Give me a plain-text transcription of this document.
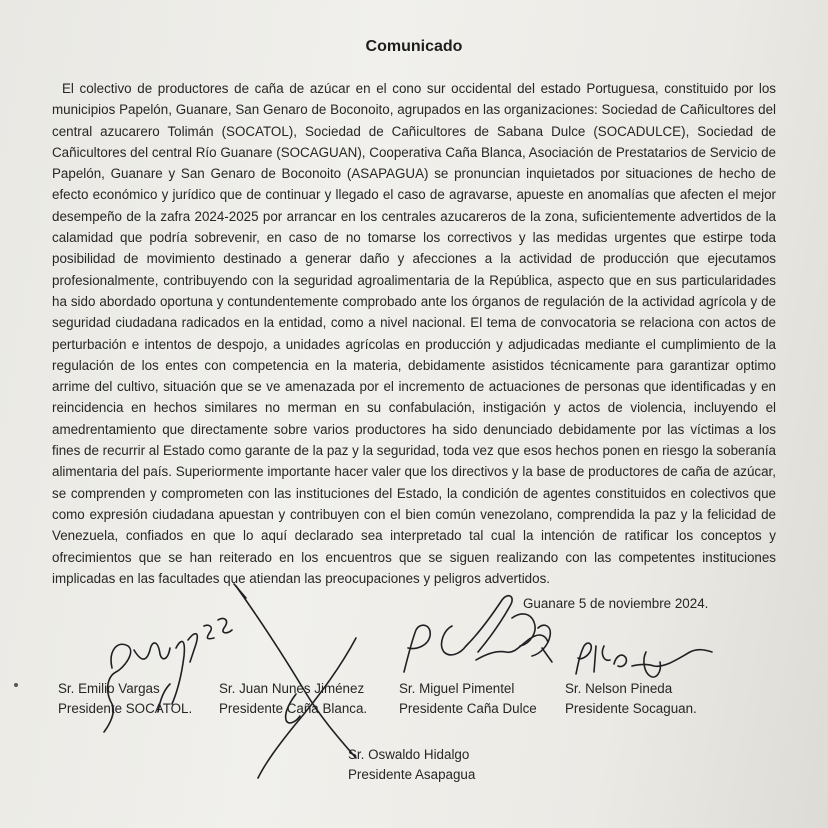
Comunicado

El colectivo de productores de caña de azúcar en el cono sur occidental del estado Portuguesa, constituido por los municipios Papelón, Guanare, San Genaro de Boconoito, agrupados en las organizaciones: Sociedad de Cañicultores del central azucarero Tolimán (SOCATOL), Sociedad de Cañicultores de Sabana Dulce (SOCADULCE), Sociedad de Cañicultores del central Río Guanare (SOCAGUAN), Cooperativa Caña Blanca, Asociación de Prestatarios de Servicio de Papelón, Guanare y San Genaro de Boconoito (ASAPAGUA) se pronuncian inquietados por situaciones de hecho de efecto económico y jurídico que de continuar y llegado el caso de agravarse, apueste en anomalías que afecten el mejor desempeño de la zafra 2024-2025 por arrancar en los centrales azucareros de la zona, suficientemente advertidos de la calamidad que podría sobrevenir, en caso de no tomarse los correctivos y las medidas urgentes que estirpe toda posibilidad de movimiento destinado a generar daño y afecciones a la actividad de producción que ejecutamos profesionalmente, contribuyendo con la seguridad agroalimentaria de la República, aspecto que en sus particularidades ha sido abordado oportuna y contundentemente comprobado ante los órganos de regulación de la actividad agrícola y de seguridad ciudadana radicados en la entidad, como a nivel nacional. El tema de convocatoria se relaciona con actos de perturbación e intentos de despojo, a unidades agrícolas en producción y adjudicadas mediante el cumplimiento de la regulación de los entes con competencia en la materia, debidamente asistidos técnicamente para garantizar optimo arrime del cultivo, situación que se ve amenazada por el incremento de actuaciones de personas que identificadas y en reincidencia en hechos similares no merman en su confabulación, instigación y actos de violencia, incluyendo el amedrentamiento que directamente sobre varios productores ha sido denunciado debidamente por las víctimas a los fines de recurrir al Estado como garante de la paz y la seguridad, toda vez que esos hechos ponen en riesgo la soberanía alimentaria del país. Superiormente importante hacer valer que los directivos y la base de productores de caña de azúcar, se comprenden y comprometen con las instituciones del Estado, la condición de agentes constituidos en colectivos que como expresión ciudadana apuestan y contribuyen con el bien común venezolano, comprendida la paz y la felicidad de Venezuela, confiados en que lo aquí declarado sea interpretado tal cual la intención de ratificar los conceptos y ofrecimientos que se han reiterado en los encuentros que se siguen realizando con las competentes instituciones implicadas en las facultades que atiendan las preocupaciones y peligros advertidos.

Guanare 5 de noviembre 2024.
Sr. Emilio Vargas
Presidente SOCATOL.
Sr. Juan Nunes Jiménez
Presidente Caña Blanca.
Sr. Miguel Pimentel
Presidente Caña Dulce
Sr. Nelson Pineda
Presidente Socaguan.
Sr. Oswaldo Hidalgo
Presidente Asapagua
